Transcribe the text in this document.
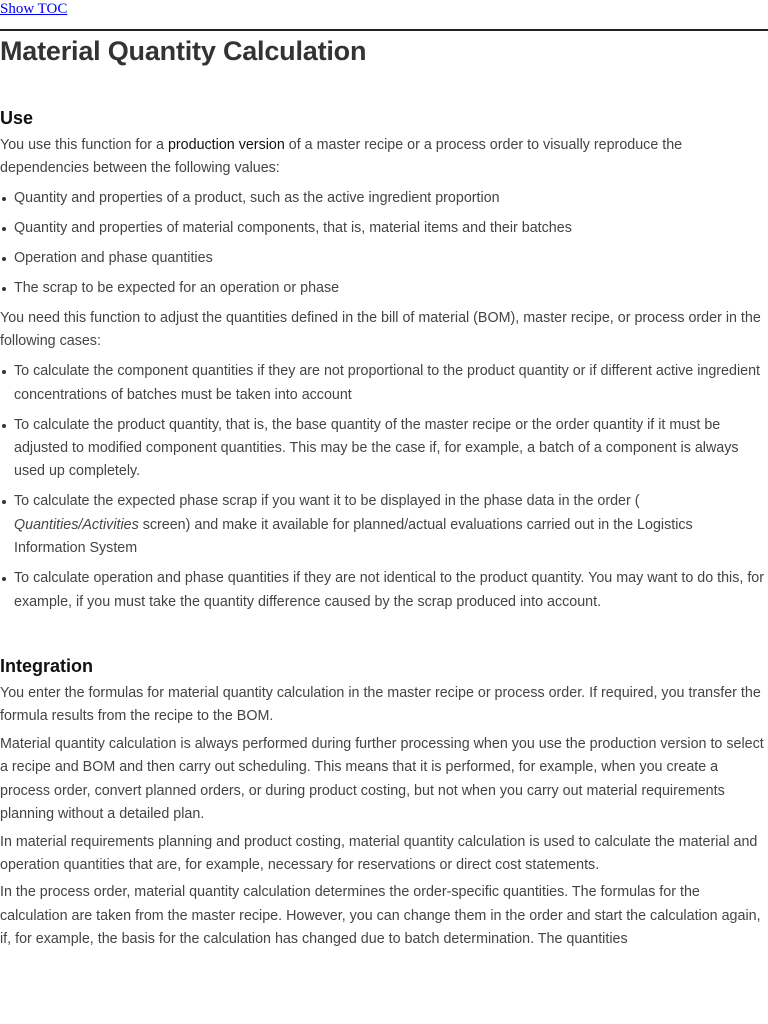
Show TOC
Material Quantity Calculation
Use

You use this function for a production version of a master recipe or a process order to visually reproduce the dependencies between the following values:

Quantity and properties of a product, such as the active ingredient proportion
Quantity and properties of material components, that is, material items and their batches
Operation and phase quantities
The scrap to be expected for an operation or phase

You need this function to adjust the quantities defined in the bill of material (BOM), master recipe, or process order in the following cases:

To calculate the component quantities if they are not proportional to the product quantity or if different active ingredient concentrations of batches must be taken into account
To calculate the product quantity, that is, the base quantity of the master recipe or the order quantity if it must be adjusted to modified component quantities. This may be the case if, for example, a batch of a component is always used up completely.
To calculate the expected phase scrap if you want it to be displayed in the phase data in the order ( Quantities/Activities screen) and make it available for planned/actual evaluations carried out in the Logistics Information System
To calculate operation and phase quantities if they are not identical to the product quantity. You may want to do this, for example, if you must take the quantity difference caused by the scrap produced into account.
Integration

You enter the formulas for material quantity calculation in the master recipe or process order. If required, you transfer the formula results from the recipe to the BOM.

Material quantity calculation is always performed during further processing when you use the production version to select a recipe and BOM and then carry out scheduling. This means that it is performed, for example, when you create a process order, convert planned orders, or during product costing, but not when you carry out material requirements planning without a detailed plan.

In material requirements planning and product costing, material quantity calculation is used to calculate the material and operation quantities that are, for example, necessary for reservations or direct cost statements.

In the process order, material quantity calculation determines the order-specific quantities. The formulas for the calculation are taken from the master recipe. However, you can change them in the order and start the calculation again, if, for example, the basis for the calculation has changed due to batch determination. The quantities
